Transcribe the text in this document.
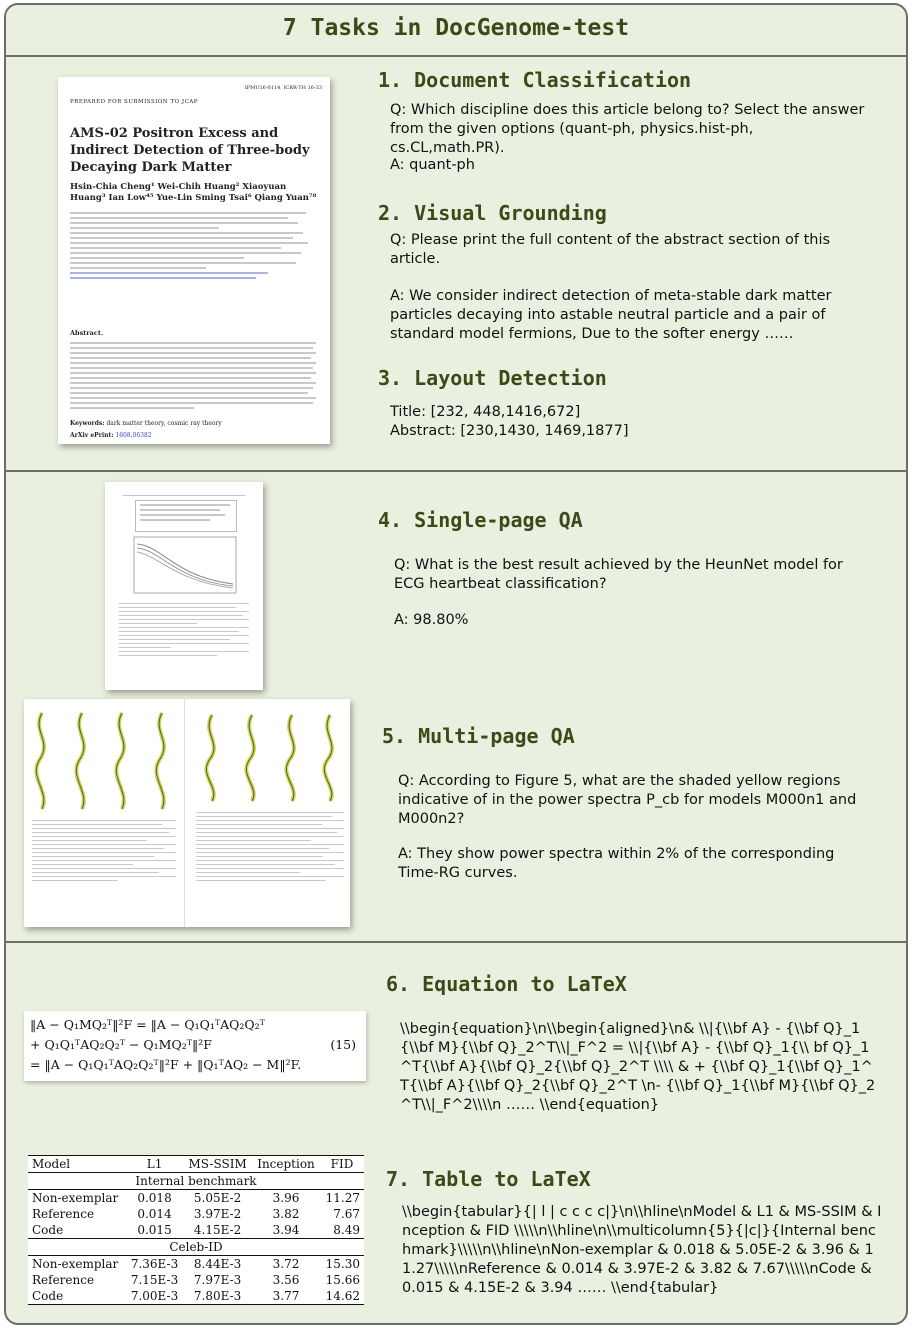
7 Tasks in DocGenome-test
IPMU16-0114, ICRR-TH 16-33
PREPARED FOR SUBMISSION TO JCAP
AMS-02 Positron Excess and Indirect Detection of Three-body Decaying Dark Matter
Hsin-Chia Cheng¹ Wei-Chih Huang² Xiaoyuan Huang³ Ian Low⁴⁵ Yue-Lin Sming Tsai⁶ Qiang Yuan⁷⁸
Abstract.
Keywords: dark matter theory, cosmic ray theory
ArXiv ePrint: 1608.06382
1. Document Classification
Q: Which discipline does this article belong to? Select the answer from the given options (quant-ph, physics.hist-ph, cs.CL,math.PR).
A: quant-ph
2. Visual Grounding
Q: Please print the full content of the abstract section of this article.
A: We consider indirect detection of meta-stable dark matter particles decaying into astable neutral particle and a pair of standard model fermions, Due to the softer energy ……
3. Layout Detection
Title: [232, 448,1416,672]
Abstract: [230,1430, 1469,1877]
4. Single-page QA
Q: What is the best result achieved by the HeunNet model for ECG heartbeat classification?
A: 98.80%
5. Multi-page QA
Q: According to Figure 5, what are the shaded yellow regions indicative of in the power spectra P_cb for models M000n1 and M000n2?
A: They show power spectra within 2% of the corresponding Time-RG curves.
‖A − Q₁MQ₂ᵀ‖²F = ‖A − Q₁Q₁ᵀAQ₂Q₂ᵀ
+ Q₁Q₁ᵀAQ₂Q₂ᵀ − Q₁MQ₂ᵀ‖²F
= ‖A − Q₁Q₁ᵀAQ₂Q₂ᵀ‖²F + ‖Q₁ᵀAQ₂ − M‖²F.
(15)
6. Equation to LaTeX
\\begin{equation}\n\\begin{aligned}\n& \\|{\\bf A} - {\\bf Q}_1{\\bf M}{\\bf Q}_2^T\\|_F^2 = \\|{\\bf A} - {\\bf Q}_1{\\ bf Q}_1^T{\\bf A}{\\bf Q}_2{\\bf Q}_2^T \\\\ & + {\\bf Q}_1{\\bf Q}_1^T{\\bf A}{\\bf Q}_2{\\bf Q}_2^T \n- {\\bf Q}_1{\\bf M}{\\bf Q}_2^T\\|_F^2\\\\n …… \\end{equation}
Model	L1	MS-SSIM	Inception	FID
Internal benchmark				
Non-exemplar	0.018	5.05E-2	3.96	11.27
Reference	0.014	3.97E-2	3.82	7.67
Code	0.015	4.15E-2	3.94	8.49
Celeb-ID				
Non-exemplar	7.36E-3	8.44E-3	3.72	15.30
Reference	7.15E-3	7.97E-3	3.56	15.66
Code	7.00E-3	7.80E-3	3.77	14.62
7. Table to LaTeX
\\begin{tabular}{| l | c c c c|}\n\\hline\nModel & L1 & MS-SSIM & Inception & FID \\\\\n\\hline\n\\multicolumn{5}{|c|}{Internal benchmark}\\\\\n\\hline\nNon-exemplar & 0.018 & 5.05E-2 & 3.96 & 11.27\\\\\nReference & 0.014 & 3.97E-2 & 3.82 & 7.67\\\\\nCode & 0.015 & 4.15E-2 & 3.94 …… \\end{tabular}
